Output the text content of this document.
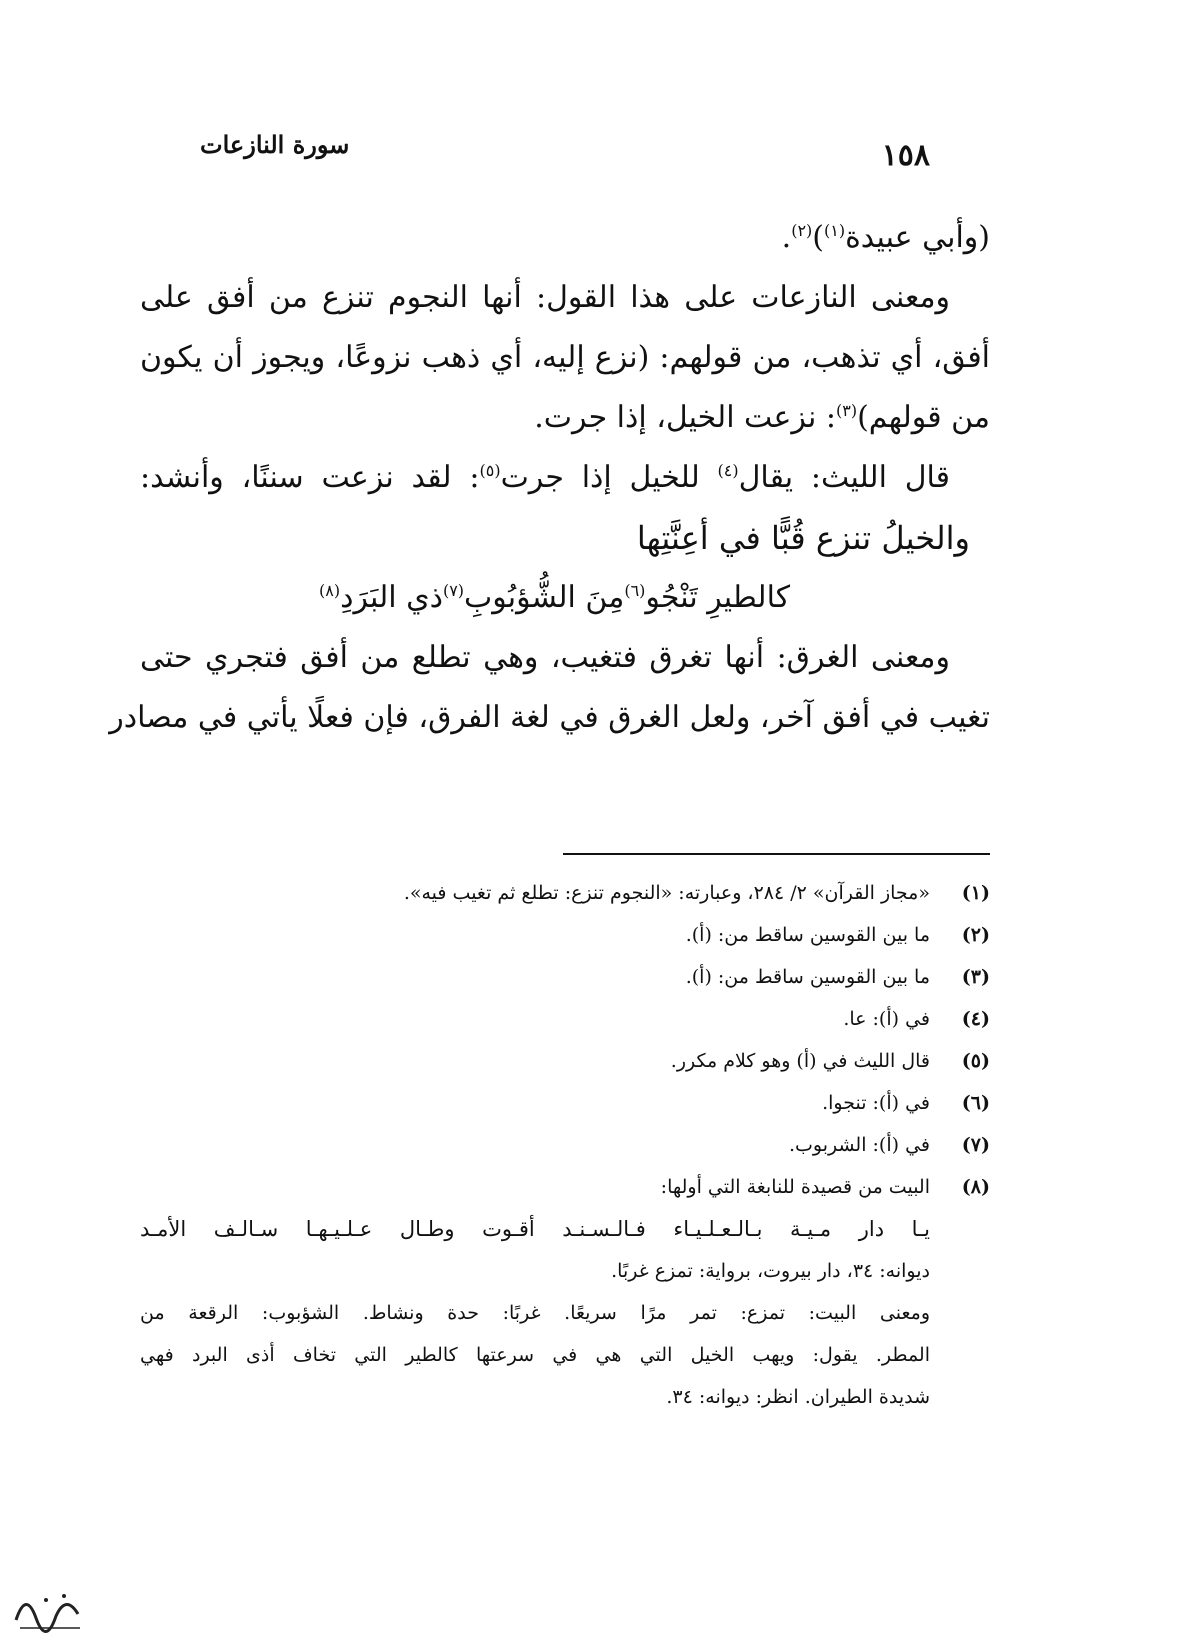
١٥٨
سورة النازعات

(وأبي عبيدة$^{(١)}$)$^{(٢)}$.

ومعنى النازعات على هذا القول: أنها النجوم تنزع من أفق على

أفق، أي تذهب، من قولهم: (نزع إليه، أي ذهب نزوعًا، ويجوز أن يكون

من قولهم)$^{(٣)}$: نزعت الخيل، إذا جرت.

قال الليث: يقال$^{(٤)}$ للخيل إذا جرت$^{(٥)}$: لقد نزعت سننًا، وأنشد:

والخيلُ تنزع قُبًّا في أعِنَّتِها

كالطيرِ تَنْجُو$^{(٦)}$مِنَ الشُّؤبُوبِ$^{(٧)}$ذي البَرَدِ$^{(٨)}$

ومعنى الغرق: أنها تغرق فتغيب، وهي تطلع من أفق فتجري حتى

تغيب في أفق آخر، ولعل الغرق في لغة الفرق، فإن فعلًا يأتي في مصادر

(١)«مجاز القرآن» ٢/ ٢٨٤، وعبارته: «النجوم تنزع: تطلع ثم تغيب فيه».

(٢)ما بين القوسين ساقط من: (أ).

(٣)ما بين القوسين ساقط من: (أ).

(٤)في (أ): عا.

(٥)قال الليث في (أ) وهو كلام مكرر.

(٦)في (أ): تنجوا.

(٧)في (أ): الشربوب.

(٨)البيت من قصيدة للنابغة التي أولها:

يـا دار مـيـة بـالـعـلـيـاء فـالـسـنـد أقـوت وطـال عـلـيـهـا سـالـف الأمـد

ديوانه: ٣٤، دار بيروت، برواية: تمزع غربًا.

ومعنى البيت: تمزع: تمر مرًا سريعًا. غربًا: حدة ونشاط. الشؤبوب: الرقعة من

المطر. يقول: ويهب الخيل التي هي في سرعتها كالطير التي تخاف أذى البرد فهي

شديدة الطيران. انظر: ديوانه: ٣٤.
